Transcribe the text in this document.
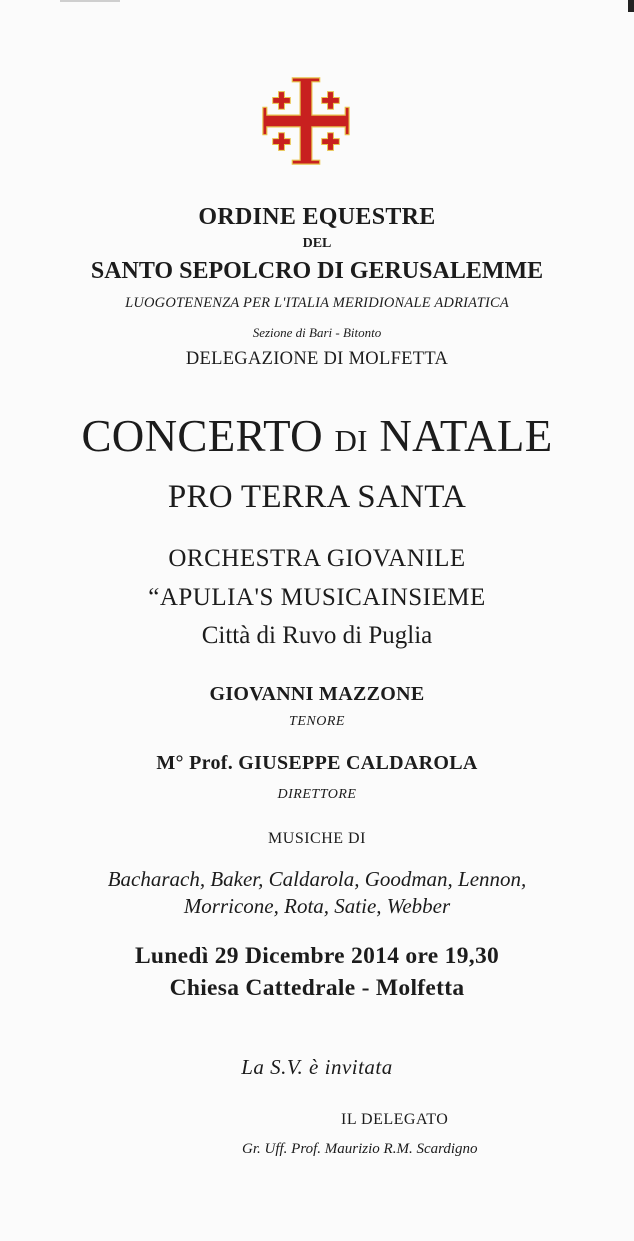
ORDINE EQUESTRE
DEL
SANTO SEPOLCRO DI GERUSALEMME
LUOGOTENENZA PER L'ITALIA MERIDIONALE ADRIATICA
Sezione di Bari - Bitonto
DELEGAZIONE DI MOLFETTA
CONCERTO DI NATALE
PRO TERRA SANTA
ORCHESTRA GIOVANILE
“APULIA'S MUSICAINSIEME
Città di Ruvo di Puglia
GIOVANNI MAZZONE
TENORE
M° Prof. GIUSEPPE CALDAROLA
DIRETTORE
MUSICHE DI
Bacharach, Baker, Caldarola, Goodman, Lennon,
Morricone, Rota, Satie, Webber
Lunedì 29 Dicembre 2014 ore 19,30
Chiesa Cattedrale - Molfetta
La S.V. è invitata
IL DELEGATO
Gr. Uff. Prof. Maurizio R.M. Scardigno
